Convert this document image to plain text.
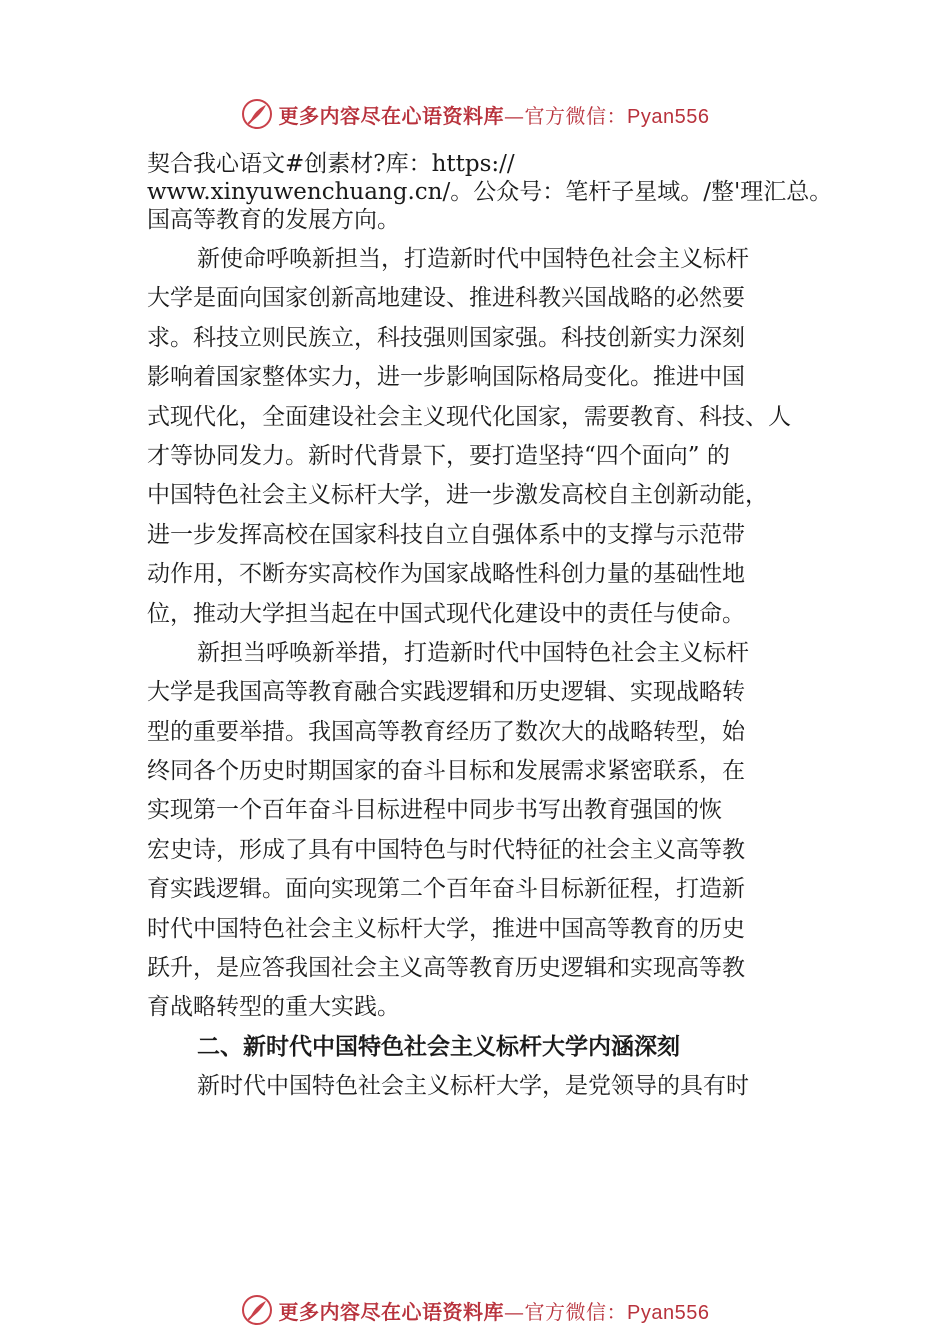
更多内容尽在心语资料库—官方微信：Pyan556
契合我心语文#创素材?库：https://
www.xinyuwenchuang.cn/。公众号：笔杆子星域。/整'理汇总。
国高等教育的发展方向。
新使命呼唤新担当，打造新时代中国特色社会主义标杆
大学是面向国家创新高地建设、推进科教兴国战略的必然要
求。科技立则民族立，科技强则国家强。科技创新实力深刻
影响着国家整体实力，进一步影响国际格局变化。推进中国
式现代化，全面建设社会主义现代化国家，需要教育、科技、人
才等协同发力。新时代背景下，要打造坚持“四个面向” 的
中国特色社会主义标杆大学，进一步激发高校自主创新动能，
进一步发挥高校在国家科技自立自强体系中的支撑与示范带
动作用，不断夯实高校作为国家战略性科创力量的基础性地
位，推动大学担当起在中国式现代化建设中的责任与使命。
新担当呼唤新举措，打造新时代中国特色社会主义标杆
大学是我国高等教育融合实践逻辑和历史逻辑、实现战略转
型的重要举措。我国高等教育经历了数次大的战略转型，始
终同各个历史时期国家的奋斗目标和发展需求紧密联系，在
实现第一个百年奋斗目标进程中同步书写出教育强国的恢
宏史诗，形成了具有中国特色与时代特征的社会主义高等教
育实践逻辑。面向实现第二个百年奋斗目标新征程，打造新
时代中国特色社会主义标杆大学，推进中国高等教育的历史
跃升，是应答我国社会主义高等教育历史逻辑和实现高等教
育战略转型的重大实践。
二、新时代中国特色社会主义标杆大学内涵深刻
新时代中国特色社会主义标杆大学，是党领导的具有时
更多内容尽在心语资料库—官方微信：Pyan556
